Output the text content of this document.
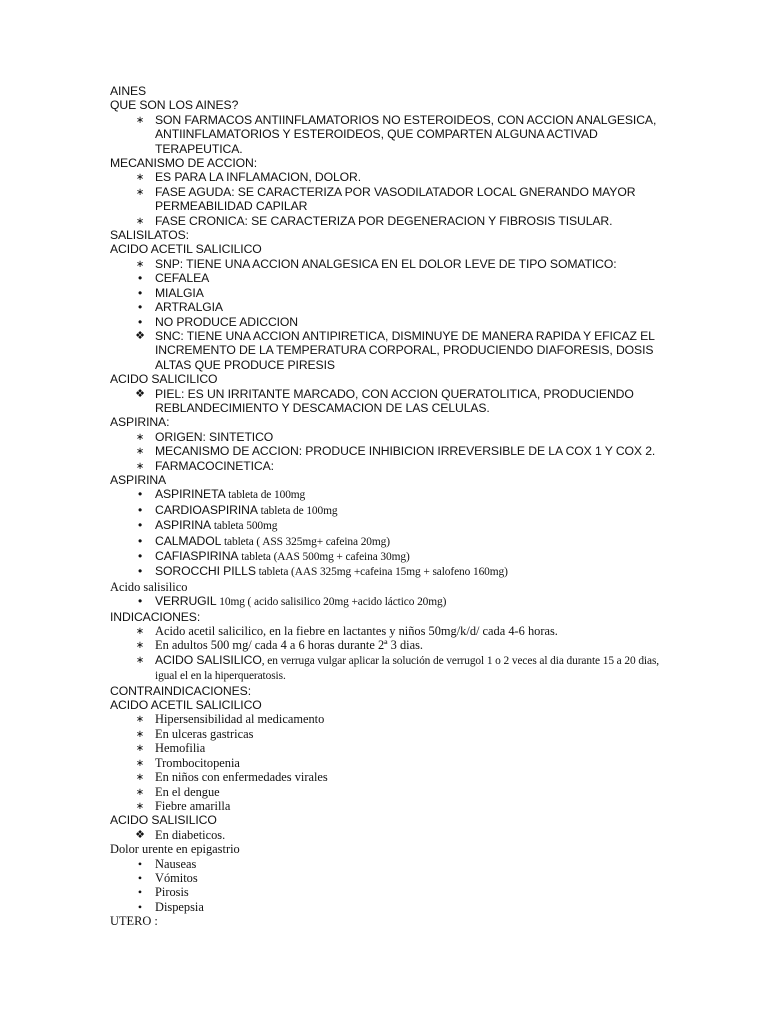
AINES
QUE SON LOS AINES?
∗ SON FARMACOS ANTIINFLAMATORIOS NO ESTEROIDEOS, CON ACCION ANALGESICA, ANTIINFLAMATORIOS Y ESTEROIDEOS, QUE COMPARTEN ALGUNA ACTIVAD TERAPEUTICA.
MECANISMO DE ACCION:
∗ ES PARA LA INFLAMACION, DOLOR.
∗ FASE AGUDA: SE CARACTERIZA POR VASODILATADOR LOCAL GNERANDO MAYOR PERMEABILIDAD CAPILAR
∗ FASE CRONICA: SE CARACTERIZA POR DEGENERACION Y FIBROSIS TISULAR.
SALISILATOS:
ACIDO ACETIL SALICILICO
∗ SNP: TIENE UNA ACCION ANALGESICA EN EL DOLOR LEVE DE TIPO SOMATICO:
•	CEFALEA
•	MIALGIA
•	ARTRALGIA
•	NO PRODUCE ADICCION
❖ SNC: TIENE UNA ACCION ANTIPIRETICA, DISMINUYE DE MANERA RAPIDA Y EFICAZ EL INCREMENTO DE LA TEMPERATURA CORPORAL, PRODUCIENDO DIAFORESIS, DOSIS ALTAS QUE PRODUCE PIRESIS
ACIDO SALICILICO
❖ PIEL: ES UN IRRITANTE MARCADO, CON ACCION QUERATOLITICA, PRODUCIENDO REBLANDECIMIENTO Y DESCAMACION DE LAS CELULAS.
ASPIRINA:
∗ ORIGEN: SINTETICO
∗ MECANISMO DE ACCION: PRODUCE INHIBICION IRREVERSIBLE DE LA COX 1 Y COX 2.
∗ FARMACOCINETICA:
ASPIRINA
•	ASPIRINETA tableta de 100mg
•	CARDIOASPIRINA tableta de 100mg
•	ASPIRINA tableta 500mg
•	CALMADOL tableta ( ASS 325mg+ cafeina 20mg)
•	CAFIASPIRINA tableta (AAS 500mg + cafeina 30mg)
•	SOROCCHI PILLS tableta (AAS 325mg +cafeina 15mg + salofeno 160mg)
Acido salisilico
•	VERRUGIL 10mg ( acido salisilico 20mg +acido láctico 20mg)
INDICACIONES:
∗ Acido acetil salicilico, en la fiebre en lactantes y niños 50mg/k/d/ cada 4-6 horas.
∗ En adultos 500 mg/ cada 4 a 6 horas durante 2ª 3 dias.
∗ ACIDO SALISILICO, en verruga vulgar aplicar la solución de verrugol 1 o 2 veces al dia durante 15 a 20 dias, igual el en la hiperqueratosis.
CONTRAINDICACIONES:
ACIDO ACETIL SALICILICO
∗ Hipersensibilidad al medicamento
∗ En ulceras gastricas
∗ Hemofilia
∗ Trombocitopenia
∗ En niños con enfermedades virales
∗ En el dengue
∗ Fiebre amarilla
ACIDO SALISILICO
❖ En diabeticos.
Dolor urente en epigastrio
•	Nauseas
•	Vómitos
•	Pirosis
•	Dispepsia
UTERO :
